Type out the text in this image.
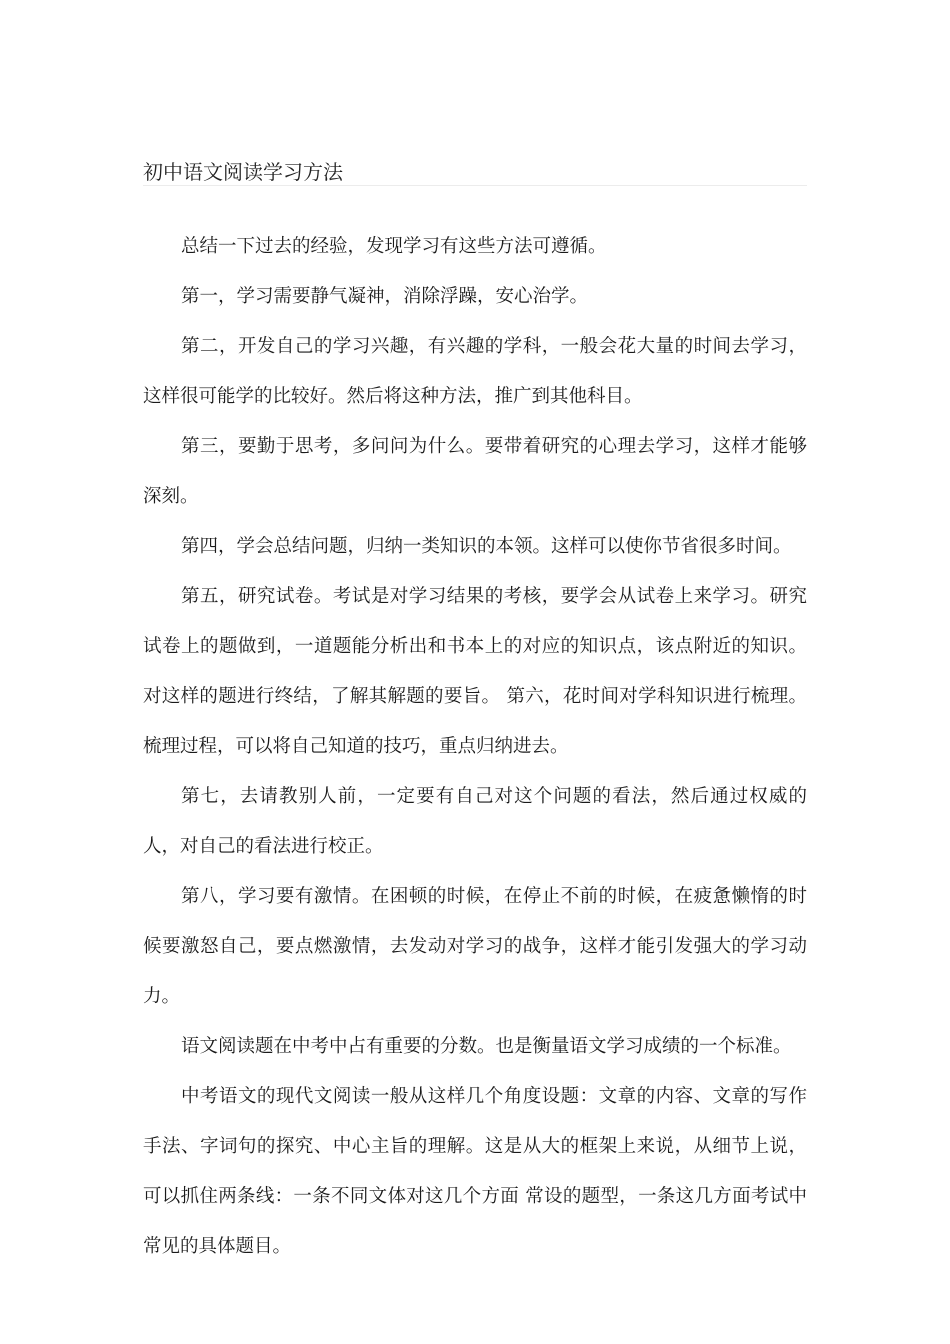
初中语文阅读学习方法

总结一下过去的经验，发现学习有这些方法可遵循。

第一，学习需要静气凝神，消除浮躁，安心治学。

第二，开发自己的学习兴趣，有兴趣的学科，一般会花大量的时间去学习，这样很可能学的比较好。然后将这种方法，推广到其他科目。

第三，要勤于思考，多问问为什么。要带着研究的心理去学习，这样才能够深刻。

第四，学会总结问题，归纳一类知识的本领。这样可以使你节省很多时间。

第五，研究试卷。考试是对学习结果的考核，要学会从试卷上来学习。研究试卷上的题做到，一道题能分析出和书本上的对应的知识点，该点附近的知识。对这样的题进行终结，了解其解题的要旨。 第六，花时间对学科知识进行梳理。梳理过程，可以将自己知道的技巧，重点归纳进去。

第七，去请教别人前，一定要有自己对这个问题的看法，然后通过权威的人，对自己的看法进行校正。

第八，学习要有激情。在困顿的时候，在停止不前的时候，在疲惫懒惰的时候要激怒自己，要点燃激情，去发动对学习的战争，这样才能引发强大的学习动力。

语文阅读题在中考中占有重要的分数。也是衡量语文学习成绩的一个标准。

中考语文的现代文阅读一般从这样几个角度设题：文章的内容、文章的写作手法、字词句的探究、中心主旨的理解。这是从大的框架上来说，从细节上说，可以抓住两条线：一条不同文体对这几个方面 常设的题型，一条这几方面考试中常见的具体题目。
